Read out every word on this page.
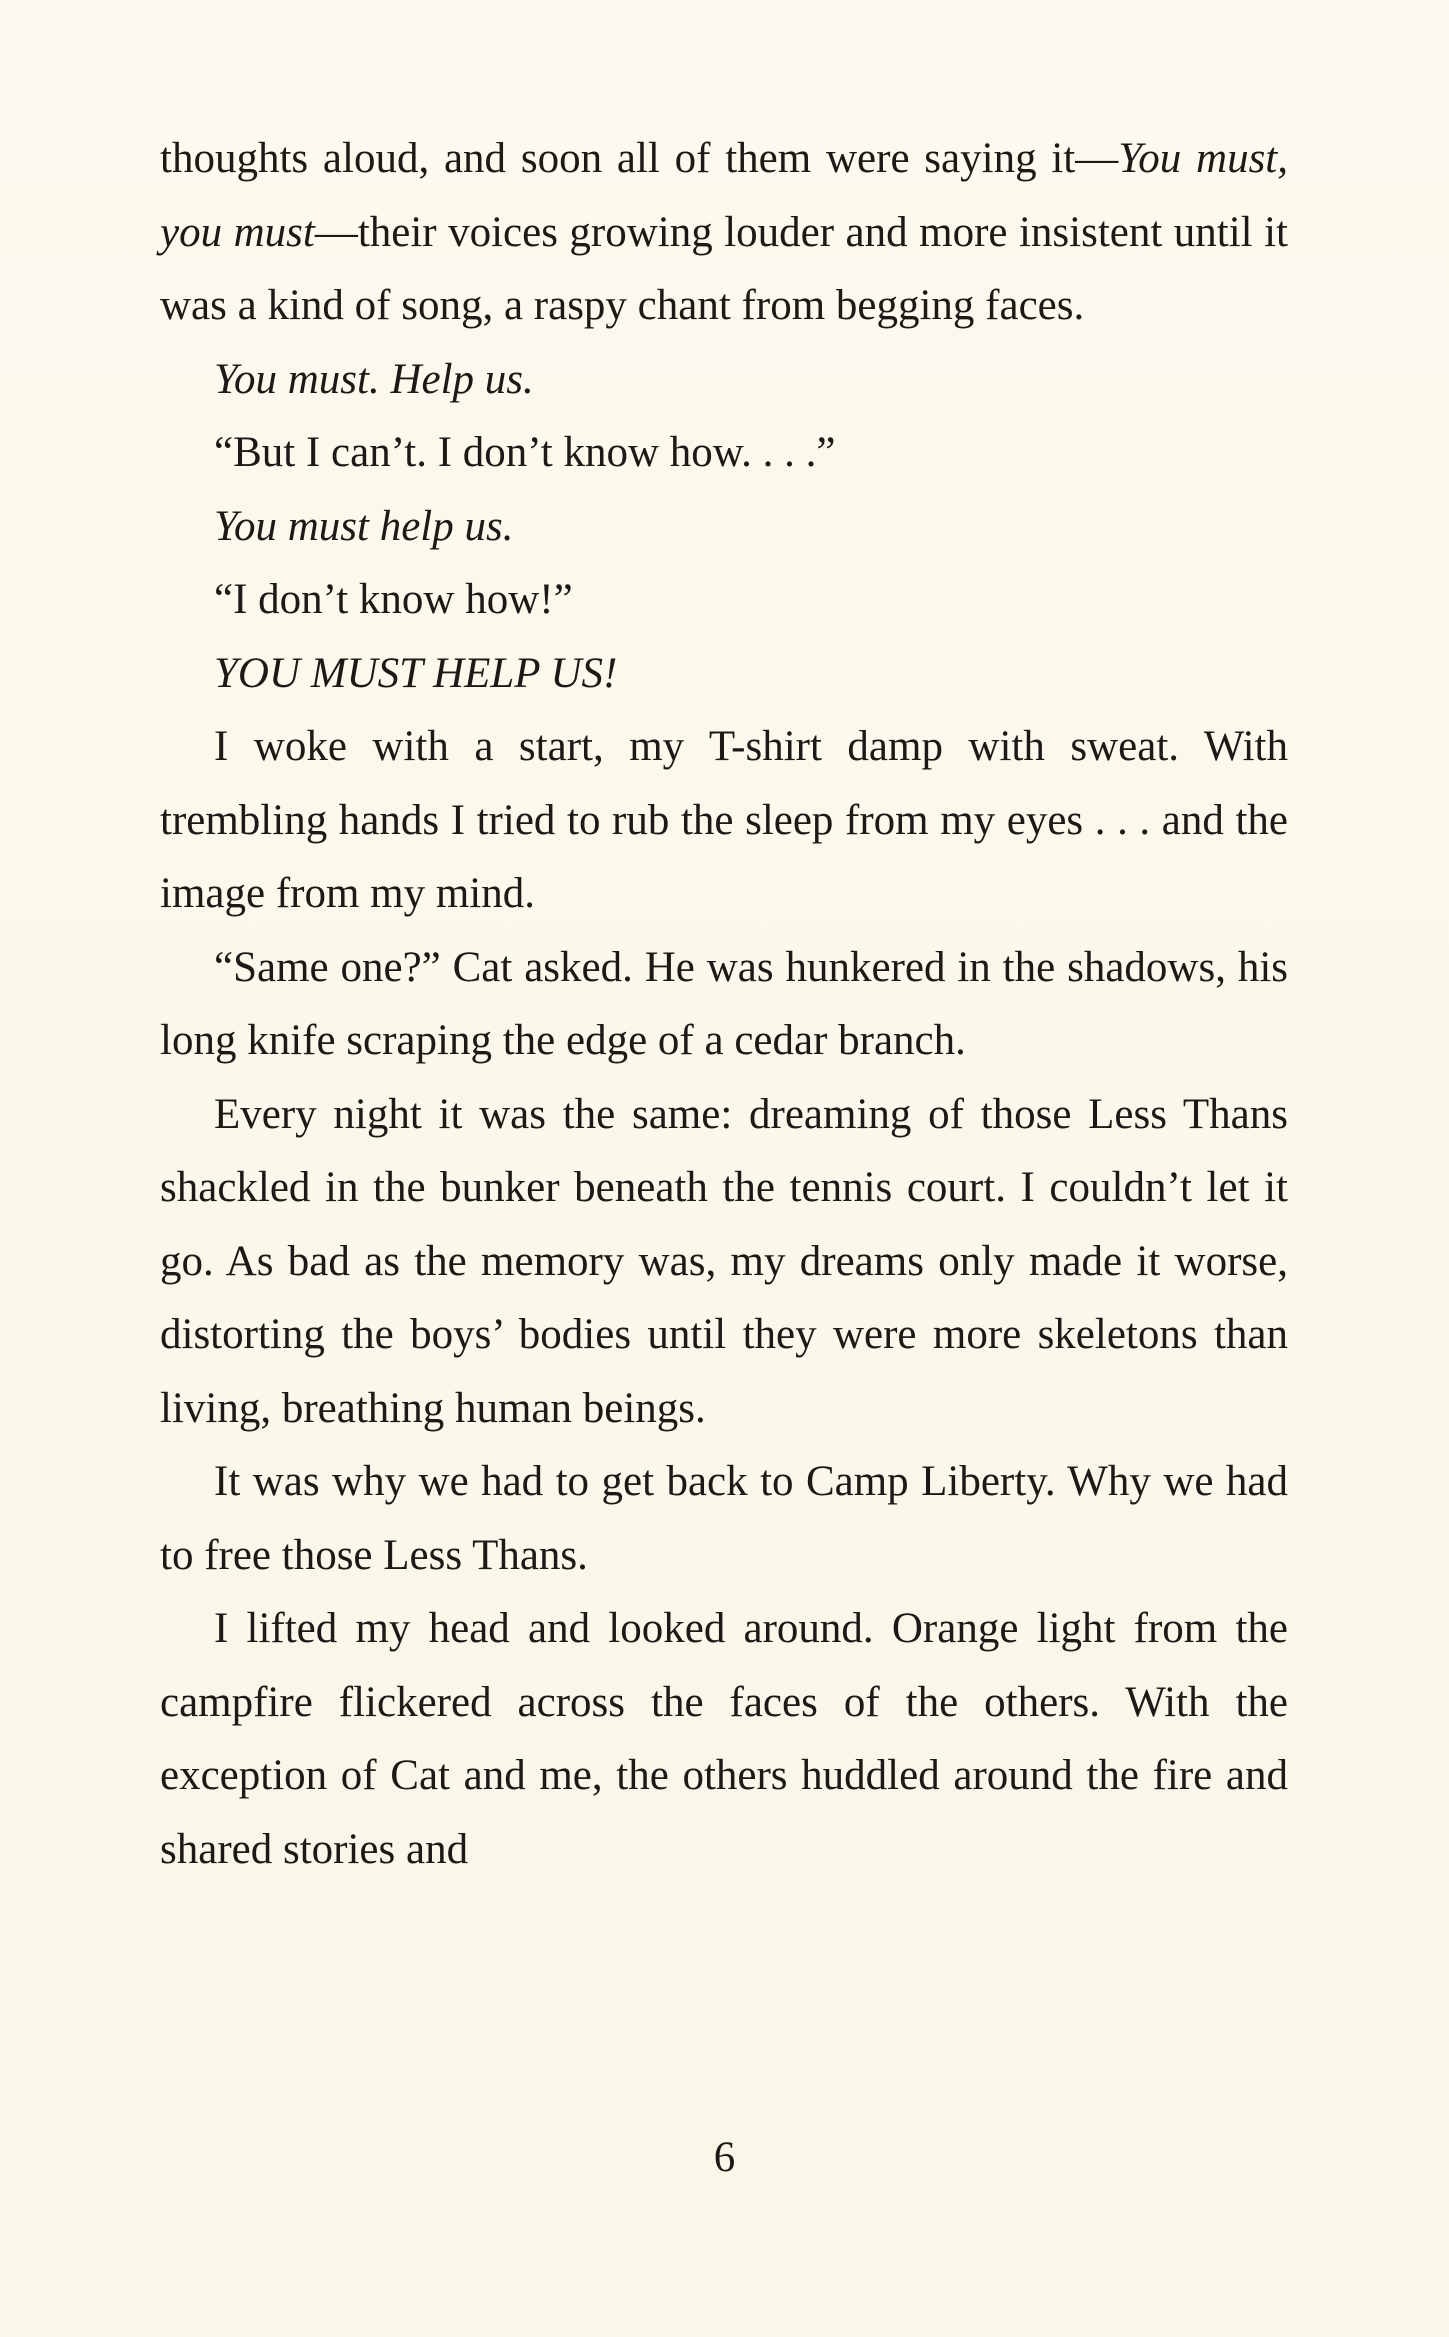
thoughts aloud, and soon all of them were saying it—You must, you must—their voices growing louder and more insistent until it was a kind of song, a raspy chant from begging faces.

You must. Help us.

“But I can’t. I don’t know how. . . .”

You must help us.

“I don’t know how!”

YOU MUST HELP US!

I woke with a start, my T-shirt damp with sweat. With trembling hands I tried to rub the sleep from my eyes . . . and the image from my mind.

“Same one?” Cat asked. He was hunkered in the shadows, his long knife scraping the edge of a cedar branch.

Every night it was the same: dreaming of those Less Thans shackled in the bunker beneath the tennis court. I couldn’t let it go. As bad as the memory was, my dreams only made it worse, distorting the boys’ bodies until they were more skeletons than living, breathing human beings.

It was why we had to get back to Camp Liberty. Why we had to free those Less Thans.

I lifted my head and looked around. Orange light from the campfire flickered across the faces of the others. With the exception of Cat and me, the others huddled around the fire and shared stories and

6
